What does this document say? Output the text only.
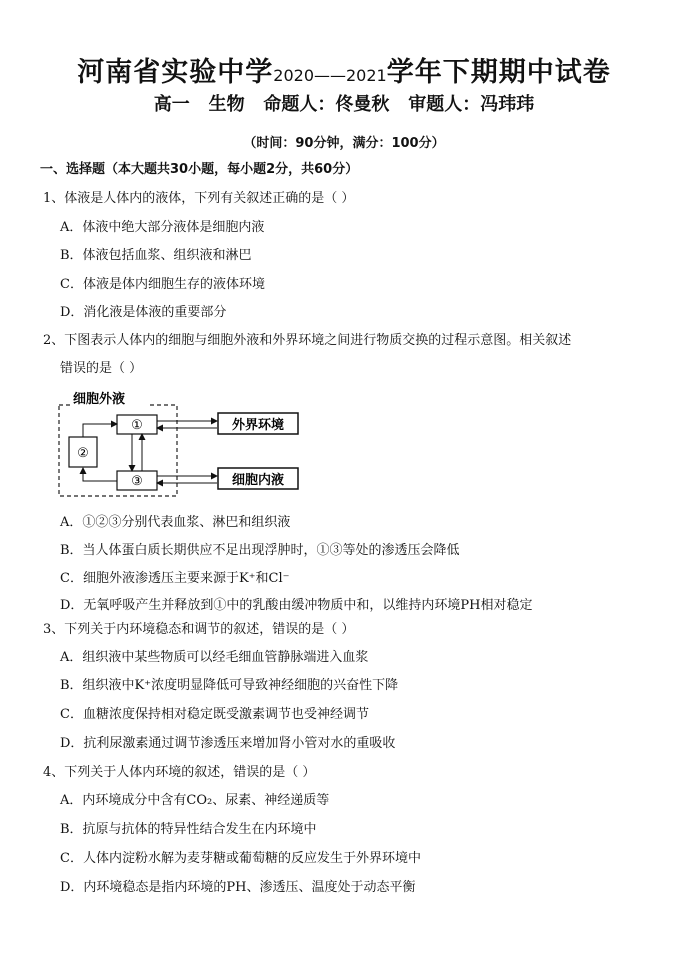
河南省实验中学2020——2021学年下期期中试卷
高一   生物   命题人：佟曼秋   审题人：冯玮玮
（时间：90分钟，满分：100分）
一、选择题（本大题共30小题，每小题2分，共60分）
1、体液是人体内的液体，下列有关叙述正确的是（ ）
A．体液中绝大部分液体是细胞内液
B．体液包括血浆、组织液和淋巴
C．体液是体内细胞生存的液体环境
D．消化液是体液的重要部分
2、下图表示人体内的细胞与细胞外液和外界环境之间进行物质交换的过程示意图。相关叙述
错误的是（ ）
细胞外液
①
②
③
外界环境
细胞内液
A．①②③分别代表血浆、淋巴和组织液
B．当人体蛋白质长期供应不足出现浮肿时，①③等处的渗透压会降低
C．细胞外液渗透压主要来源于K⁺和Cl⁻
D．无氧呼吸产生并释放到①中的乳酸由缓冲物质中和，以维持内环境PH相对稳定
3、下列关于内环境稳态和调节的叙述，错误的是（ ）
A．组织液中某些物质可以经毛细血管静脉端进入血浆
B．组织液中K⁺浓度明显降低可导致神经细胞的兴奋性下降
C．血糖浓度保持相对稳定既受激素调节也受神经调节
D．抗利尿激素通过调节渗透压来增加肾小管对水的重吸收
4、下列关于人体内环境的叙述，错误的是（ ）
A．内环境成分中含有CO₂、尿素、神经递质等
B．抗原与抗体的特异性结合发生在内环境中
C．人体内淀粉水解为麦芽糖或葡萄糖的反应发生于外界环境中
D．内环境稳态是指内环境的PH、渗透压、温度处于动态平衡
